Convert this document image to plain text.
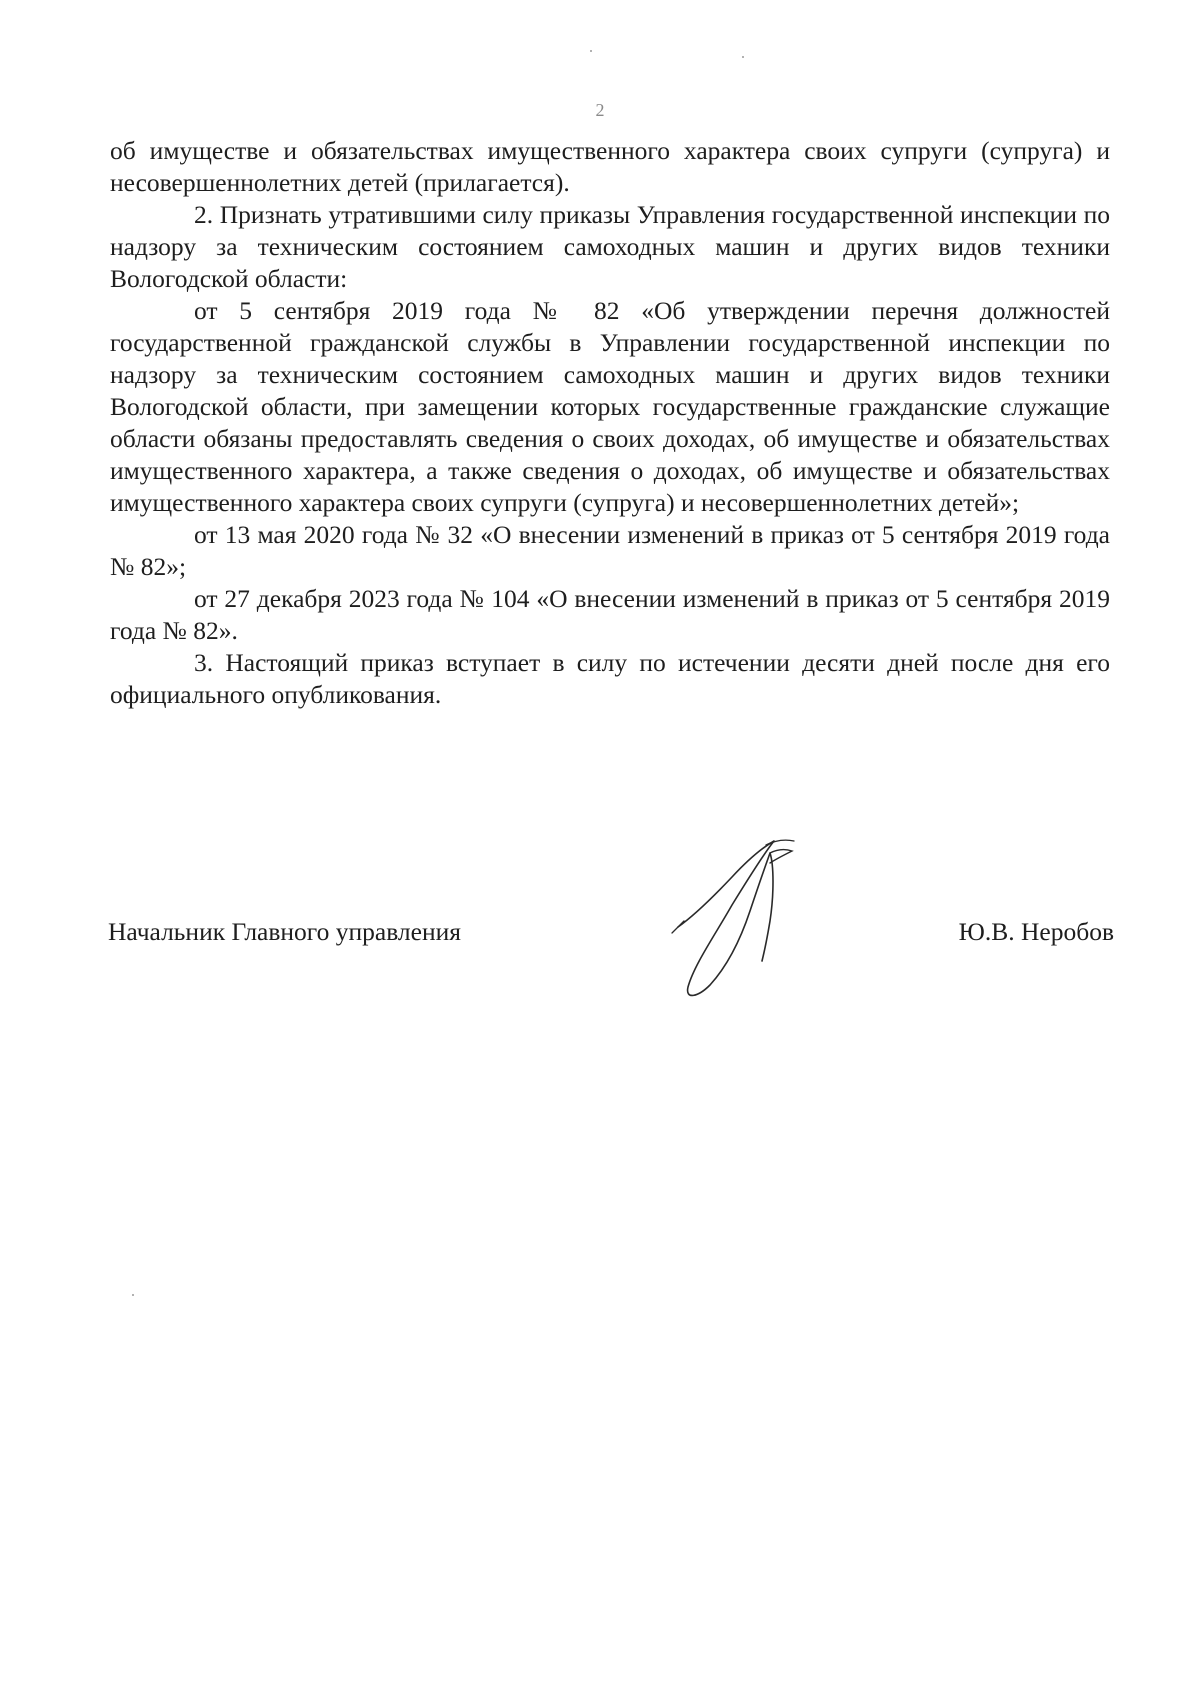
2

об имуществе и обязательствах имущественного характера своих супруги (супруга) и несовершеннолетних детей (прилагается).

2. Признать утратившими силу приказы Управления государственной инспекции по надзору за техническим состоянием самоходных машин и других видов техники Вологодской области:

от 5 сентября 2019 года № 82 «Об утверждении перечня должностей государственной гражданской службы в Управлении государственной инспекции по надзору за техническим состоянием самоходных машин и других видов техники Вологодской области, при замещении которых государственные гражданские служащие области обязаны предоставлять сведения о своих доходах, об имуществе и обязательствах имущественного характера, а также сведения о доходах, об имуществе и обязательствах имущественного характера своих супруги (супруга) и несовершеннолетних детей»;

от 13 мая 2020 года № 32 «О внесении изменений в приказ от 5 сентября 2019 года № 82»;

от 27 декабря 2023 года № 104 «О внесении изменений в приказ от 5 сентября 2019 года № 82».

3. Настоящий приказ вступает в силу по истечении десяти дней после дня его официального опубликования.

Начальник Главного управления	Ю.В. Неробов
